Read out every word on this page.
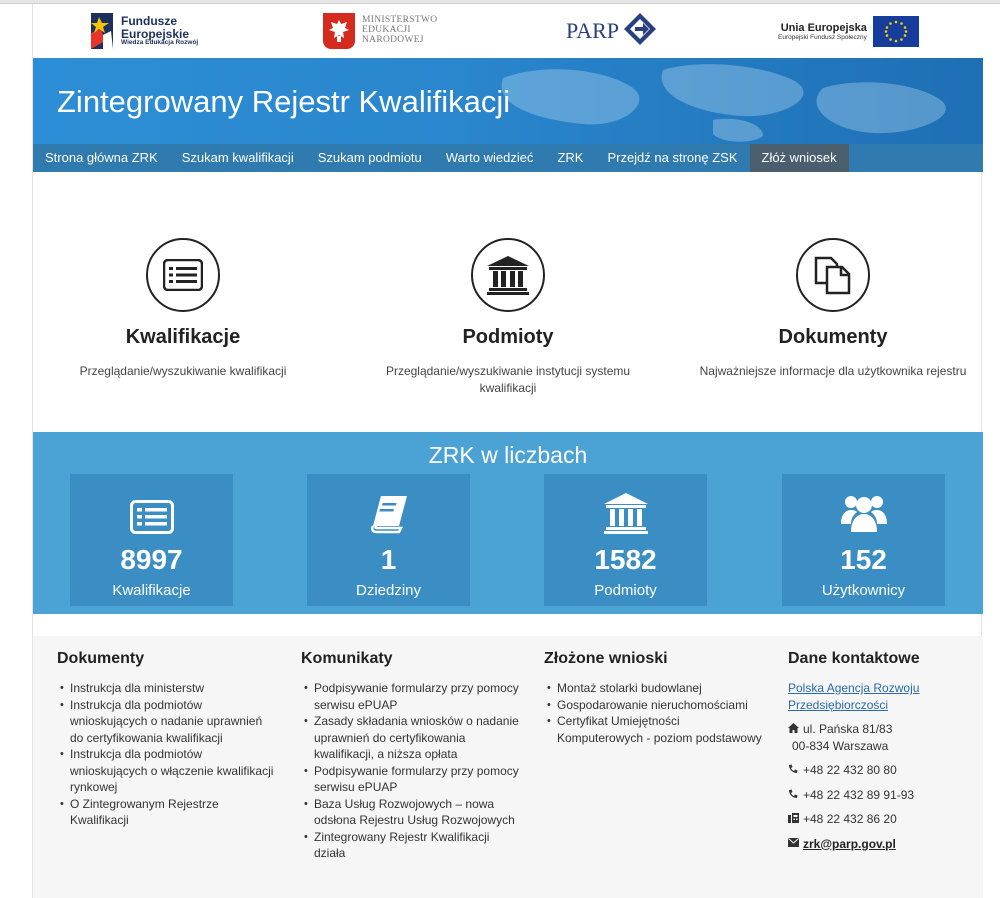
Fundusze
Europejskie
Wiedza Edukacja Rozwój
MINISTERSTWO
EDUKACJI
NARODOWEJ	PARP	Unia Europejska
Europejski Fundusz Społeczny
Zintegrowany Rejestr Kwalifikacji
Strona główna ZRK	Szukam kwalifikacji	Szukam podmiotu	Warto wiedzieć	ZRK	Przejdź na stronę ZSK	Złóż wniosek
Kwalifikacje

Przeglądanie/wyszukiwanie kwalifikacji

Podmioty

Przeglądanie/wyszukiwanie instytucji systemu kwalifikacji

Dokumenty

Najważniejsze informacje dla użytkownika rejestru

ZRK w liczbach
8997
Kwalifikacje
1
Dziedziny
1582
Podmioty
152
Użytkownicy
Dokumenty
• Instrukcja dla ministerstw
• Instrukcja dla podmiotów wnioskujących o nadanie uprawnień do certyfikowania kwalifikacji
• Instrukcja dla podmiotów wnioskujących o włączenie kwalifikacji rynkowej
• O Zintegrowanym Rejestrze Kwalifikacji
Komunikaty
• Podpisywanie formularzy przy pomocy serwisu ePUAP
• Zasady składania wniosków o nadanie uprawnień do certyfikowania kwalifikacji, a niższa opłata
• Podpisywanie formularzy przy pomocy serwisu ePUAP
• Baza Usług Rozwojowych – nowa odsłona Rejestru Usług Rozwojowych
• Zintegrowany Rejestr Kwalifikacji działa
Złożone wnioski
• Montaż stolarki budowlanej
• Gospodarowanie nieruchomościami
• Certyfikat Umiejętności Komputerowych - poziom podstawowy
Dane kontaktowe
Polska Agencja Rozwoju Przedsiębiorczości
ul. Pańska 81/83
00-834 Warszawa
+48 22 432 80 80
+48 22 432 89 91-93
+48 22 432 86 20
zrk@parp.gov.pl
